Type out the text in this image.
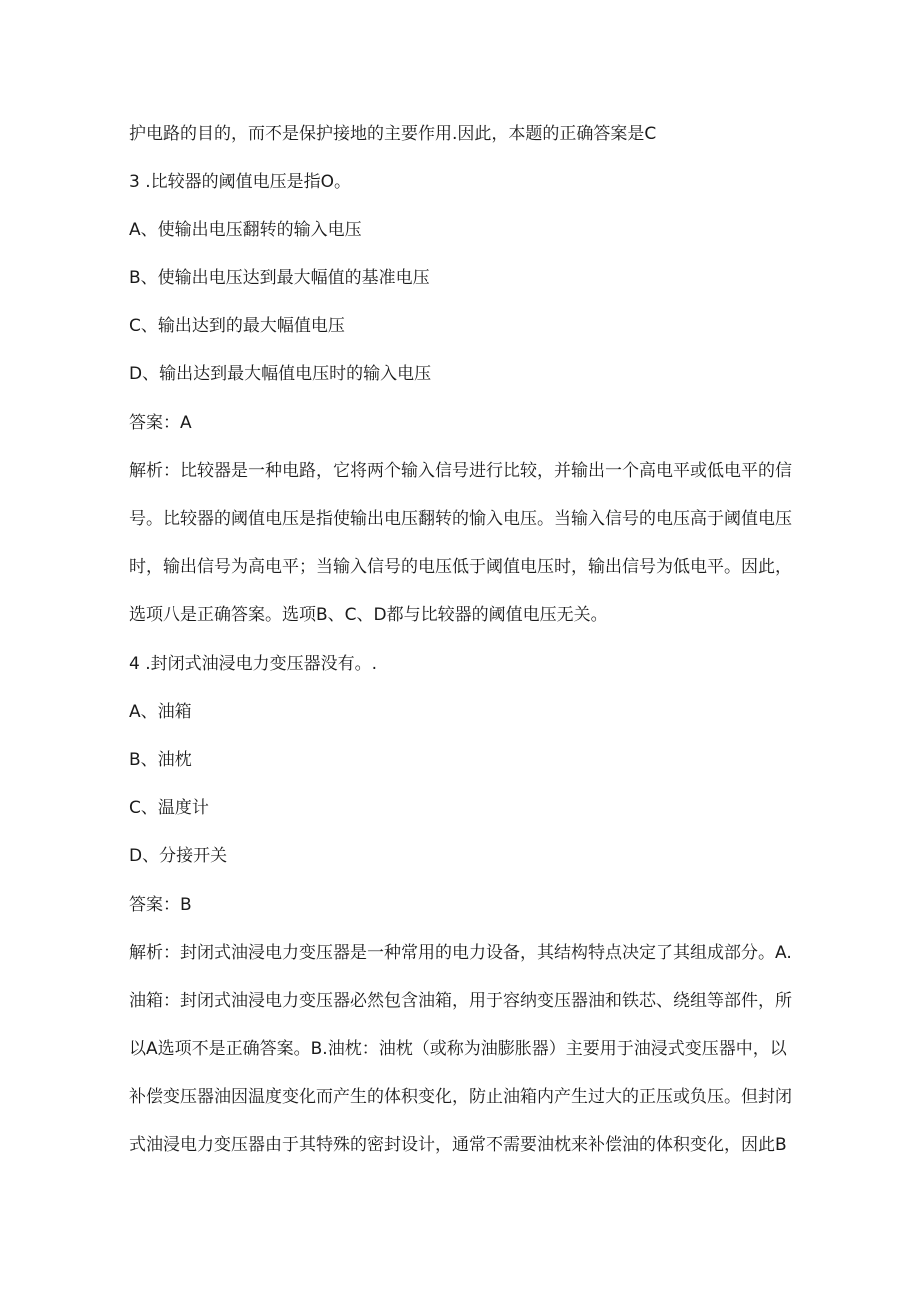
护电路的目的，而不是保护接地的主要作用.因此，本题的正确答案是C
3 .比较器的阈值电压是指O。
A、使输出电压翻转的输入电压
B、使输出电压达到最大幅值的基准电压
C、输出达到的最大幅值电压
D、输出达到最大幅值电压时的输入电压
答案：A
解析：比较器是一种电路，它将两个输入信号进行比较，并输出一个高电平或低电平的信
号。比较器的阈值电压是指使输出电压翻转的愉入电压。当输入信号的电压高于阈值电压
时，输出信号为高电平；当输入信号的电压低于阈值电压时，输出信号为低电平。因此，
选项八是正确答案。选项B、C、D都与比较器的阈值电压无关。
4 .封闭式油浸电力变压器没有。.
A、油箱
B、油枕
C、温度计
D、分接开关
答案：B
解析：封闭式油浸电力变压器是一种常用的电力设备，其结构特点决定了其组成部分。A.
油箱：封闭式油浸电力变压器必然包含油箱，用于容纳变压器油和铁芯、绕组等部件，所
以A选项不是正确答案。B.油枕：油枕（或称为油膨胀器）主要用于油浸式变压器中，以
补偿变压器油因温度变化而产生的体积变化，防止油箱内产生过大的正压或负压。但封闭
式油浸电力变压器由于其特殊的密封设计，通常不需要油枕来补偿油的体积变化，因此B
